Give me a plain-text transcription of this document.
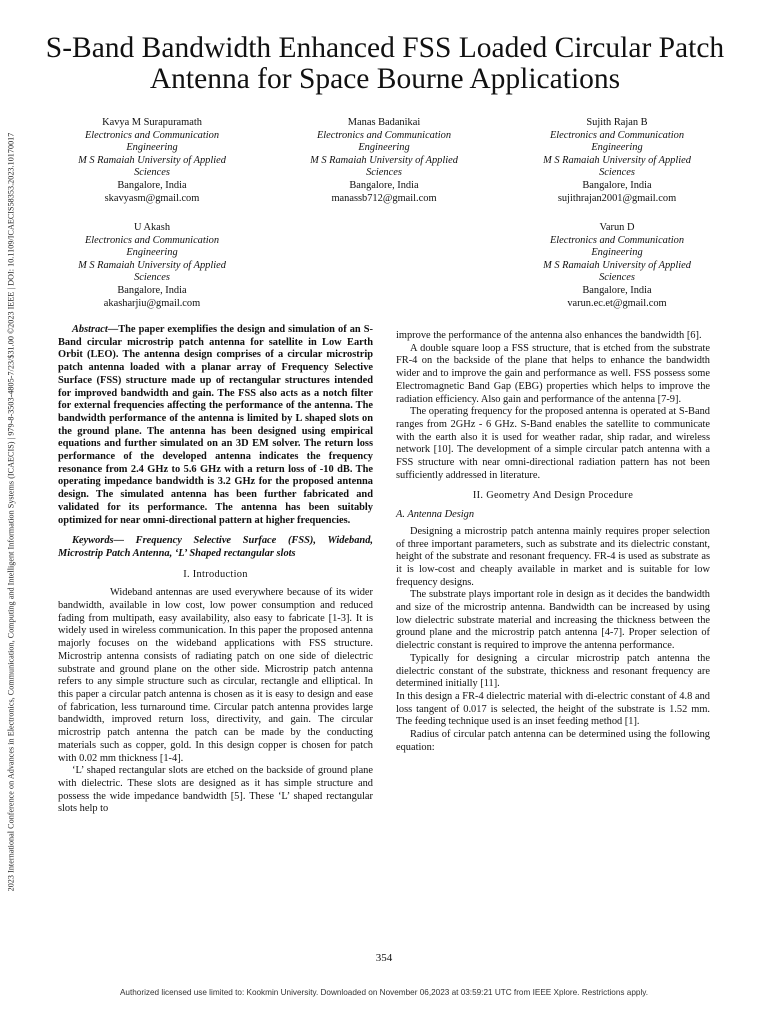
2023 International Conference on Advances in Electronics, Communication, Computing and Intelligent Information Systems (ICAECIS) | 979-8-3503-4805-7/23/$31.00 ©2023 IEEE | DOI: 10.1109/ICAECIS58353.2023.10170017
S-Band Bandwidth Enhanced FSS Loaded Circular Patch Antenna for Space Bourne Applications
Kavya M Surapuramath
Electronics and Communication
Engineering
M S Ramaiah University of Applied
Sciences
Bangalore, India
skavyasm@gmail.com
Manas Badanikai
Electronics and Communication
Engineering
M S Ramaiah University of Applied
Sciences
Bangalore, India
manassb712@gmail.com
Sujith Rajan B
Electronics and Communication
Engineering
M S Ramaiah University of Applied
Sciences
Bangalore, India
sujithrajan2001@gmail.com
U Akash
Electronics and Communication
Engineering
M S Ramaiah University of Applied
Sciences
Bangalore, India
akasharjiu@gmail.com
Varun D
Electronics and Communication
Engineering
M S Ramaiah University of Applied
Sciences
Bangalore, India
varun.ec.et@gmail.com

Abstract—The paper exemplifies the design and simulation of an S-Band circular microstrip patch antenna for satellite in Low Earth Orbit (LEO). The antenna design comprises of a circular microstrip patch antenna loaded with a planar array of Frequency Selective Surface (FSS) structure made up of rectangular structures intended for improved bandwidth and gain. The FSS also acts as a notch filter for external frequencies affecting the performance of the antenna. The bandwidth performance of the antenna is limited by L shaped slots on the ground plane. The antenna has been designed using empirical equations and further simulated on an 3D EM solver. The return loss performance of the developed antenna indicates the frequency resonance from 2.4 GHz to 5.6 GHz with a return loss of -10 dB. The operating impedance bandwidth is 3.2 GHz for the proposed antenna design. The simulated antenna has been further fabricated and validated for its performance. The antenna has been suitably optimized for near omni-directional pattern at higher frequencies.

Keywords— Frequency Selective Surface (FSS), Wideband, Microstrip Patch Antenna, ‘L’ Shaped rectangular slots

I. Introduction

Wideband antennas are used everywhere because of its wider bandwidth, available in low cost, low power consumption and reduced fading from multipath, easy availability, also easy to fabricate [1-3]. It is widely used in wireless communication. In this paper the proposed antenna majorly focuses on the wideband applications with FSS structure. Microstrip antenna consists of radiating patch on one side of dielectric substrate and ground plane on the other side. Microstrip patch antenna refers to any simple structure such as circular, rectangle and elliptical. In this paper a circular patch antenna is chosen as it is easy to design and ease of fabrication, less turnaround time. Circular patch antenna provides large bandwidth, improved return loss, directivity, and gain. The circular microstrip patch antenna the patch can be made by the conducting materials such as copper, gold. In this design copper is chosen for patch with 0.02 mm thickness [1-4].

‘L’ shaped rectangular slots are etched on the backside of ground plane with dielectric. These slots are designed as it has simple structure and possess the wide impedance bandwidth [5]. These ‘L’ shaped rectangular slots help to

improve the performance of the antenna also enhances the bandwidth [6].

A double square loop a FSS structure, that is etched from the substrate FR-4 on the backside of the plane that helps to enhance the bandwidth wider and to improve the gain and performance as well. FSS possess some Electromagnetic Band Gap (EBG) properties which helps to improve the radiation efficiency. Also gain and performance of the antenna [7-9].

The operating frequency for the proposed antenna is operated at S-Band ranges from 2GHz - 6 GHz. S-Band enables the satellite to communicate with the earth also it is used for weather radar, ship radar, and wireless network [10]. The development of a simple circular patch antenna with a FSS structure with near omni-directional radiation pattern has not been sufficiently addressed in literature.

II. Geometry And Design Procedure

A. Antenna Design

Designing a microstrip patch antenna mainly requires proper selection of three important parameters, such as substrate and its dielectric constant, height of the substrate and resonant frequency. FR-4 is used as substrate as it is low-cost and cheaply available in market and is suitable for low frequency designs.

The substrate plays important role in design as it decides the bandwidth and size of the microstrip antenna. Bandwidth can be increased by using low dielectric substrate material and increasing the thickness between the ground plane and the microstrip patch antenna [4-7]. Proper selection of dielectric constant is required to improve the antenna performance.

Typically for designing a circular microstrip patch antenna the dielectric constant of the substrate, thickness and resonant frequency are determined initially [11].

In this design a FR-4 dielectric material with di-electric constant of 4.8 and loss tangent of 0.017 is selected, the height of the substrate is 1.52 mm. The feeding technique used is an inset feeding method [1].

Radius of circular patch antenna can be determined using the following equation:

354
Authorized licensed use limited to: Kookmin University. Downloaded on November 06,2023 at 03:59:21 UTC from IEEE Xplore. Restrictions apply.
